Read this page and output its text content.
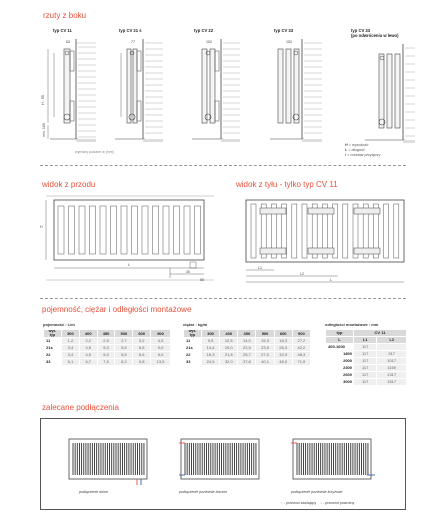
rzuty z boku
typ CV 11
H - 55
min. 100
63
typ CV 21 s
77
typ CV 22
102
typ CV 33
152
typ CV 33
(po odwróceniu w lewo)
wymiary podane w [mm]
H = wysokość
L = długość
I = rozstaw przyłączy
widok z przodu	widok z tyłu - tylko typ CV 11
H
L
30
55
L1
L2
L
pojemność, ciężar i odległości montażowe
pojemność : L/m
wys.
typ	300	400	450	500	600	900
11	1,2	2,2	2,5	2,7	3,2	4,5
21s	3,4	4,5	5,0	5,5	6,6	9,0
22	3,4	4,5	5,0	5,5	6,6	9,0
33	5,1	6,7	7,5	8,2	9,8	13,5
ciężar : kg/m
wys.
typ	300	400	450	500	600	900
11	9,5	12,5	14,0	15,3	18,3	27,2
21s	14,4	19,0	22,5	23,5	28,3	42,2
22	16,3	21,8	25,7	27,0	32,9	48,3
33	24,5	32,0	37,8	40,1	48,0	71,9
odległości montażowe : mm
typ	CV 11	
L	L1	L2
400-1600	117	
1800	117	917
2000	117	1017
2300	117	1150
2600	117	1317
3000	117	1517
zalecane podłączenia
podłączenie dolne	podłączenie poziednie boczne	podłączenie poziednie krzyżowe
↑ - przewód zasilający ↓ - przewód powrotny
